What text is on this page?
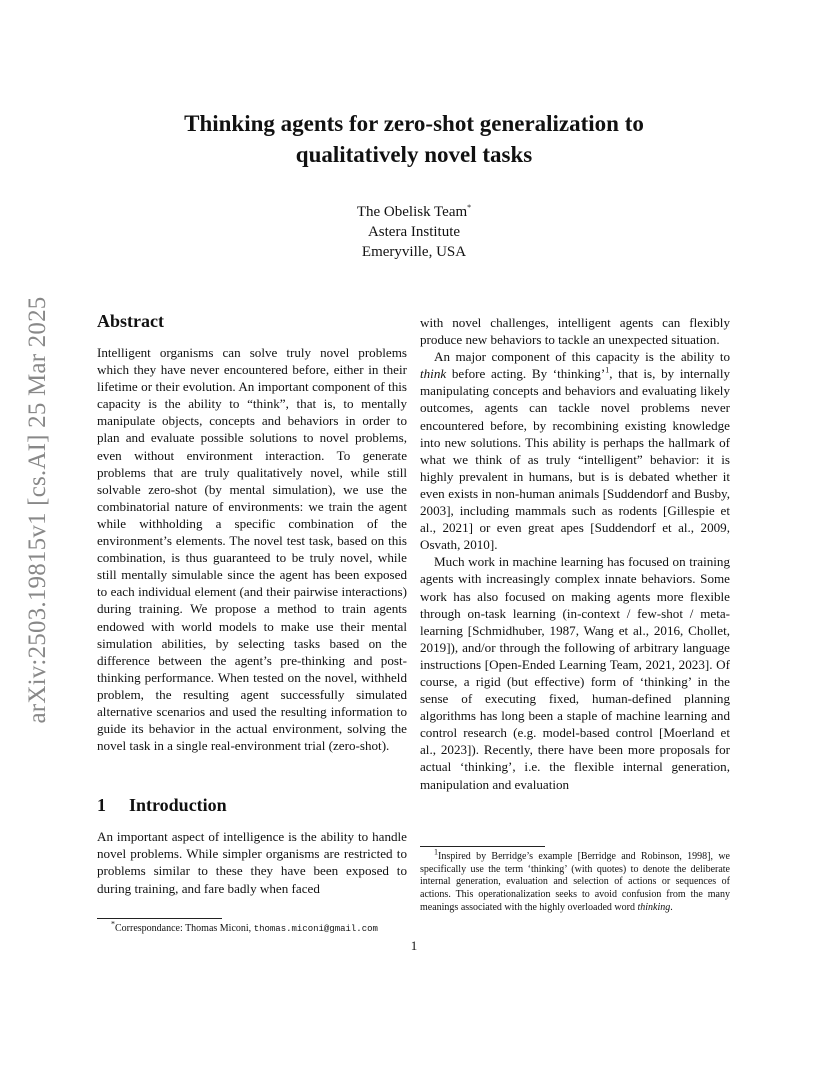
arXiv:2503.19815v1 [cs.AI] 25 Mar 2025
Thinking agents for zero-shot generalization to
qualitatively novel tasks
The Obelisk Team*
Astera Institute
Emeryville, USA
Abstract

Intelligent organisms can solve truly novel problems which they have never encountered before, either in their lifetime or their evolution. An important component of this capacity is the ability to “think”, that is, to mentally manipulate objects, concepts and behaviors in order to plan and evaluate possible solutions to novel problems, even without environment interaction. To generate problems that are truly qualitatively novel, while still solvable zero-shot (by mental simulation), we use the combinatorial nature of environments: we train the agent while withholding a specific combination of the environment’s elements. The novel test task, based on this combination, is thus guaranteed to be truly novel, while still mentally simulable since the agent has been exposed to each individual element (and their pairwise interactions) during training. We propose a method to train agents endowed with world models to make use their mental simulation abilities, by selecting tasks based on the difference between the agent’s pre-thinking and post-thinking performance. When tested on the novel, withheld problem, the resulting agent successfully simulated alternative scenarios and used the resulting information to guide its behavior in the actual environment, solving the novel task in a single real-environment trial (zero-shot).

1 Introduction

An important aspect of intelligence is the ability to handle novel problems. While simpler organisms are restricted to problems similar to these they have been exposed to during training, and fare badly when faced

*Correspondance: Thomas Miconi, thomas.miconi@gmail.com

with novel challenges, intelligent agents can flexibly produce new behaviors to tackle an unexpected situation.

An major component of this capacity is the ability to think before acting. By ‘thinking’$^1$, that is, by internally manipulating concepts and behaviors and evaluating likely outcomes, agents can tackle novel problems never encountered before, by recombining existing knowledge into new solutions. This ability is perhaps the hallmark of what we think of as truly “intelligent” behavior: it is highly prevalent in humans, but is is debated whether it even exists in non-human animals [Suddendorf and Busby, 2003], including mammals such as rodents [Gillespie et al., 2021] or even great apes [Suddendorf et al., 2009, Osvath, 2010].

Much work in machine learning has focused on training agents with increasingly complex innate behaviors. Some work has also focused on making agents more flexible through on-task learning (in-context / few-shot / meta-learning [Schmidhuber, 1987, Wang et al., 2016, Chollet, 2019]), and/or through the following of arbitrary language instructions [Open-Ended Learning Team, 2021, 2023]. Of course, a rigid (but effective) form of ‘thinking’ in the sense of executing fixed, human-defined planning algorithms has long been a staple of machine learning and control research (e.g. model-based control [Moerland et al., 2023]). Recently, there have been more proposals for actual ‘thinking’, i.e. the flexible internal generation, manipulation and evaluation

$^1$Inspired by Berridge’s example [Berridge and Robinson, 1998], we specifically use the term ‘thinking’ (with quotes) to denote the deliberate internal generation, evaluation and selection of actions or sequences of actions. This operationalization seeks to avoid confusion from the many meanings associated with the highly overloaded word thinking.
1
